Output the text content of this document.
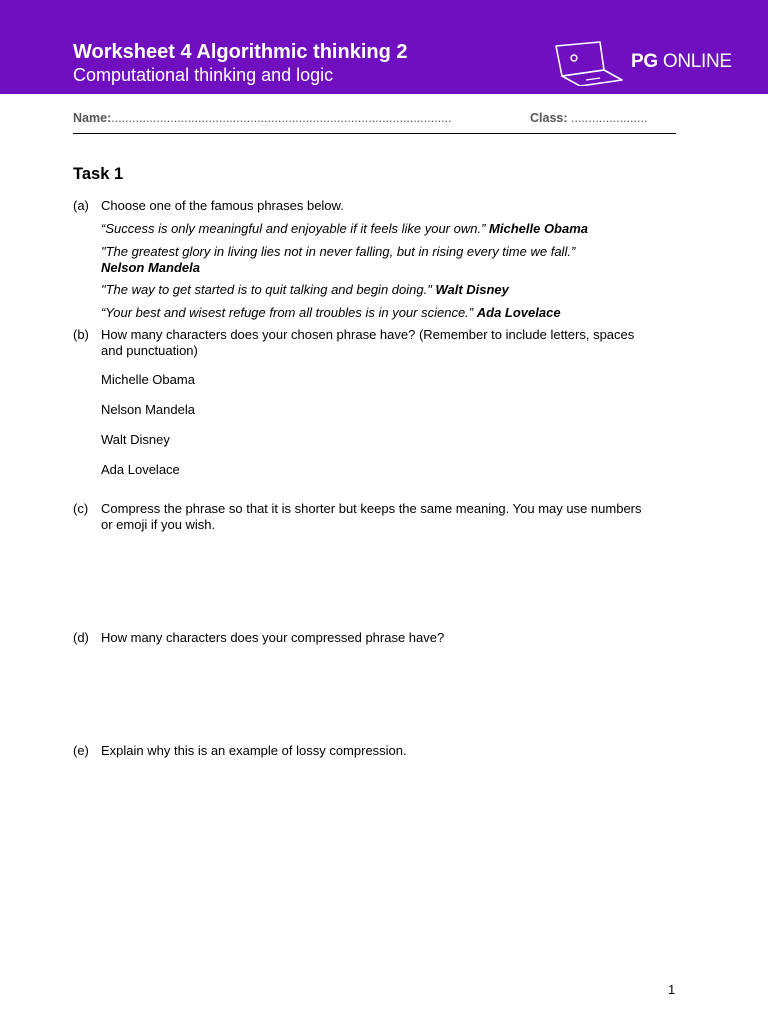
Worksheet 4 Algorithmic thinking 2
Computational thinking and logic
PG ONLINE
Name:..................................................................................................	Class: ......................
Task 1
(a) Choose one of the famous phrases below.
“Success is only meaningful and enjoyable if it feels like your own.” Michelle Obama
"The greatest glory in living lies not in never falling, but in rising every time we fall.”
Nelson Mandela
"The way to get started is to quit talking and begin doing." Walt Disney
“Your best and wisest refuge from all troubles is in your science.” Ada Lovelace
(b) How many characters does your chosen phrase have? (Remember to include letters, spaces and punctuation)
Michelle Obama
Nelson Mandela
Walt Disney
Ada Lovelace
(c) Compress the phrase so that it is shorter but keeps the same meaning. You may use numbers or emoji if you wish.
(d) How many characters does your compressed phrase have?
(e) Explain why this is an example of lossy compression.
1
